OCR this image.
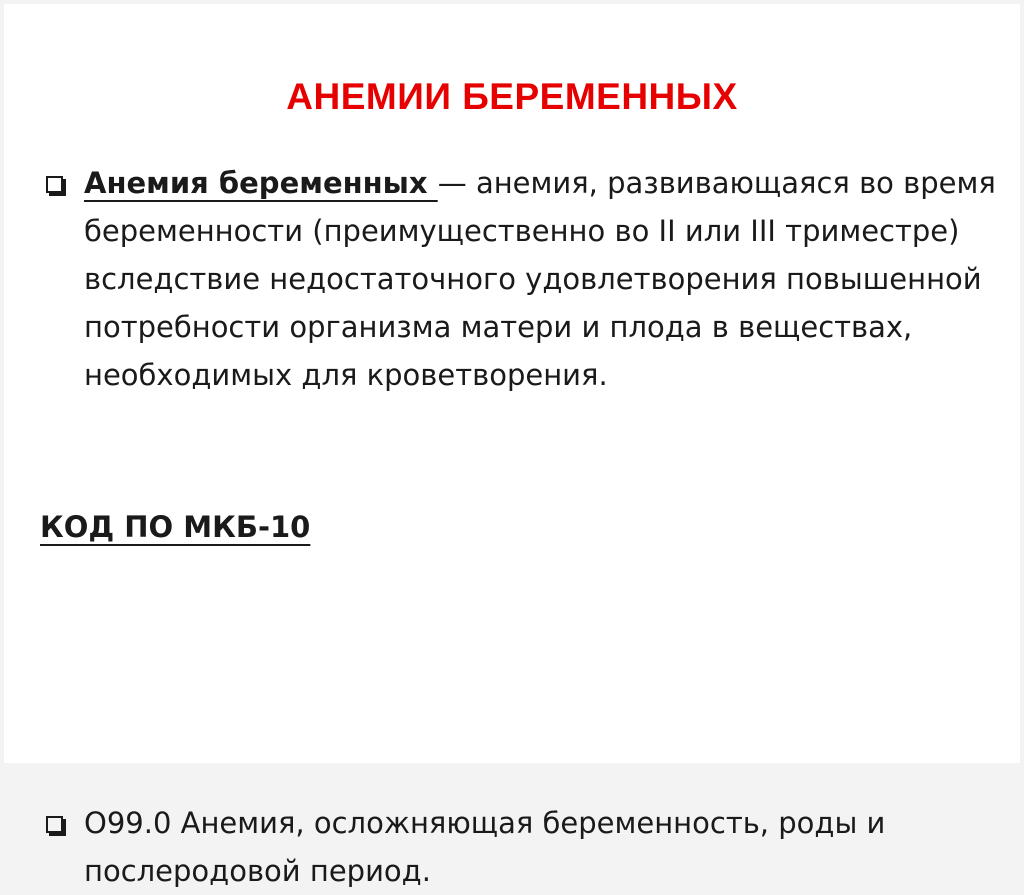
АНЕМИИ БЕРЕМЕННЫХ
Анемия беременных — анемия, развивающаяся во время беременности (преимущественно во II или III триместре) вследствие недостаточного удовлетворения повышенной потребности организма матери и плода в веществах, необходимых для кроветворения.
КОД ПО МКБ-10
O99.0 Анемия, осложняющая беременность, роды и послеродовой период.
